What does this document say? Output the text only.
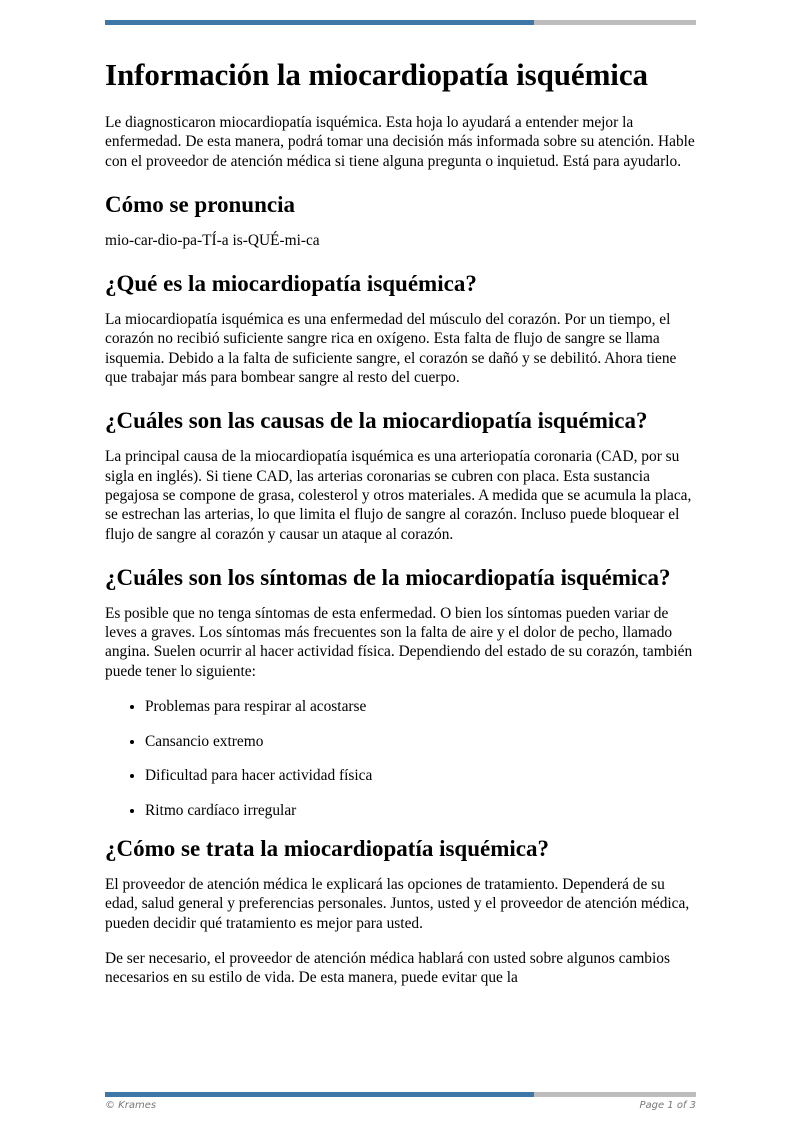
Información la miocardiopatía isquémica

Le diagnosticaron miocardiopatía isquémica. Esta hoja lo ayudará a entender mejor la enfermedad. De esta manera, podrá tomar una decisión más informada sobre su atención. Hable con el proveedor de atención médica si tiene alguna pregunta o inquietud. Está para ayudarlo.

Cómo se pronuncia

mio-car-dio-pa-TÍ-a is-QUÉ-mi-ca

¿Qué es la miocardiopatía isquémica?

La miocardiopatía isquémica es una enfermedad del músculo del corazón. Por un tiempo, el corazón no recibió suficiente sangre rica en oxígeno. Esta falta de flujo de sangre se llama isquemia. Debido a la falta de suficiente sangre, el corazón se dañó y se debilitó. Ahora tiene que trabajar más para bombear sangre al resto del cuerpo.

¿Cuáles son las causas de la miocardiopatía isquémica?

La principal causa de la miocardiopatía isquémica es una arteriopatía coronaria (CAD, por su sigla en inglés). Si tiene CAD, las arterias coronarias se cubren con placa. Esta sustancia pegajosa se compone de grasa, colesterol y otros materiales. A medida que se acumula la placa, se estrechan las arterias, lo que limita el flujo de sangre al corazón. Incluso puede bloquear el flujo de sangre al corazón y causar un ataque al corazón.

¿Cuáles son los síntomas de la miocardiopatía isquémica?

Es posible que no tenga síntomas de esta enfermedad. O bien los síntomas pueden variar de leves a graves. Los síntomas más frecuentes son la falta de aire y el dolor de pecho, llamado angina. Suelen ocurrir al hacer actividad física. Dependiendo del estado de su corazón, también puede tener lo siguiente:

• Problemas para respirar al acostarse
• Cansancio extremo
• Dificultad para hacer actividad física
• Ritmo cardíaco irregular
¿Cómo se trata la miocardiopatía isquémica?

El proveedor de atención médica le explicará las opciones de tratamiento. Dependerá de su edad, salud general y preferencias personales. Juntos, usted y el proveedor de atención médica, pueden decidir qué tratamiento es mejor para usted.

De ser necesario, el proveedor de atención médica hablará con usted sobre algunos cambios necesarios en su estilo de vida. De esta manera, puede evitar que la

© Krames	Page 1 of 3
